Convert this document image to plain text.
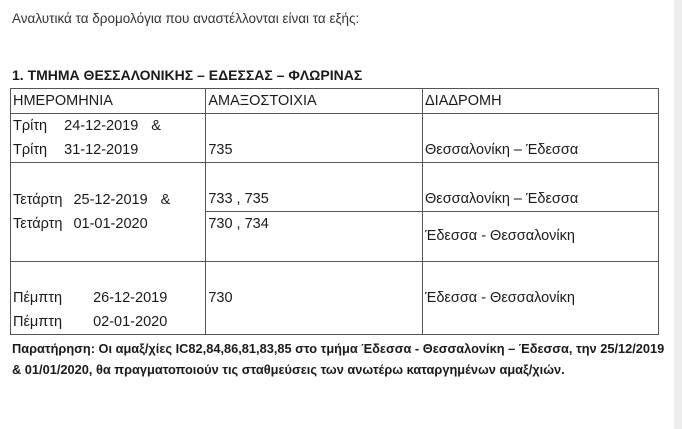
Αναλυτικά τα δρομολόγια που αναστέλλονται είναι τα εξής:
1. ΤΜΗΜΑ ΘΕΣΣΑΛΟΝΙΚΗΣ – ΕΔΕΣΣΑΣ – ΦΛΩΡΙΝΑΣ
ΗΜΕΡΟΜΗΝΙΑ	ΑΜΑΞΟΣΤΟΙΧΙΑ	ΔΙΑΔΡΟΜΗ

Τρίτη 24-12-2019 &
Τρίτη 31-12-2019	735	Θεσσαλονίκη – Έδεσσα

Τετάρτη 25-12-2019 &
Τετάρτη 01-01-2020	733 , 735	Θεσσαλονίκη – Έδεσσα
	730 , 734	Έδεσσα - Θεσσαλονίκη

Πέμπτη 26-12-2019
Πέμπτη 02-01-2020	730	Έδεσσα - Θεσσαλονίκη
Παρατήρηση: Οι αμαξ/χίες IC82,84,86,81,83,85 στο τμήμα Έδεσσα - Θεσσαλονίκη – Έδεσσα, την 25/12/2019 & 01/01/2020, θα πραγματοποιούν τις σταθμεύσεις των ανωτέρω καταργημένων αμαξ/χιών.
